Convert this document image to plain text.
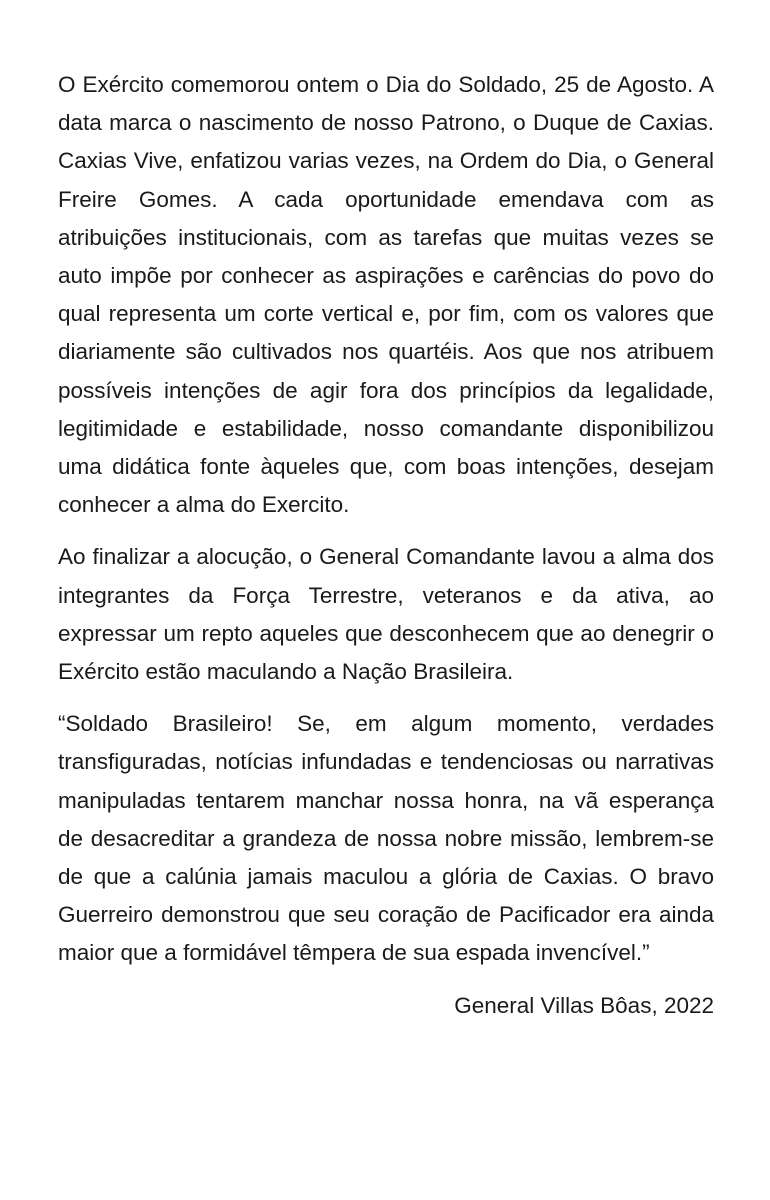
O Exército comemorou ontem o Dia do Soldado, 25 de Agosto. A data marca o nascimento de nosso Patrono, o Duque de Caxias. Caxias Vive, enfatizou varias vezes, na Ordem do Dia, o General Freire Gomes. A cada oportunidade emendava com as atribuições institucionais, com as tarefas que muitas vezes se auto impõe por conhecer as aspirações e carências do povo do qual representa um corte vertical e, por fim, com os valores que diariamente são cultivados nos quartéis. Aos que nos atribuem possíveis intenções de agir fora dos princípios da legalidade, legitimidade e estabilidade, nosso comandante disponibilizou uma didática fonte àqueles que, com boas intenções, desejam conhecer a alma do Exercito.

Ao finalizar a alocução, o General Comandante lavou a alma dos integrantes da Força Terrestre, veteranos e da ativa, ao expressar um repto aqueles que desconhecem que ao denegrir o Exército estão maculando a Nação Brasileira.

“Soldado Brasileiro! Se, em algum momento, verdades transfiguradas, notícias infundadas e tendenciosas ou narrativas manipuladas tentarem manchar nossa honra, na vã esperança de desacreditar a grandeza de nossa nobre missão, lembrem-se de que a calúnia jamais maculou a glória de Caxias. O bravo Guerreiro demonstrou que seu coração de Pacificador era ainda maior que a formidável têmpera de sua espada invencível.”

General Villas Bôas, 2022
